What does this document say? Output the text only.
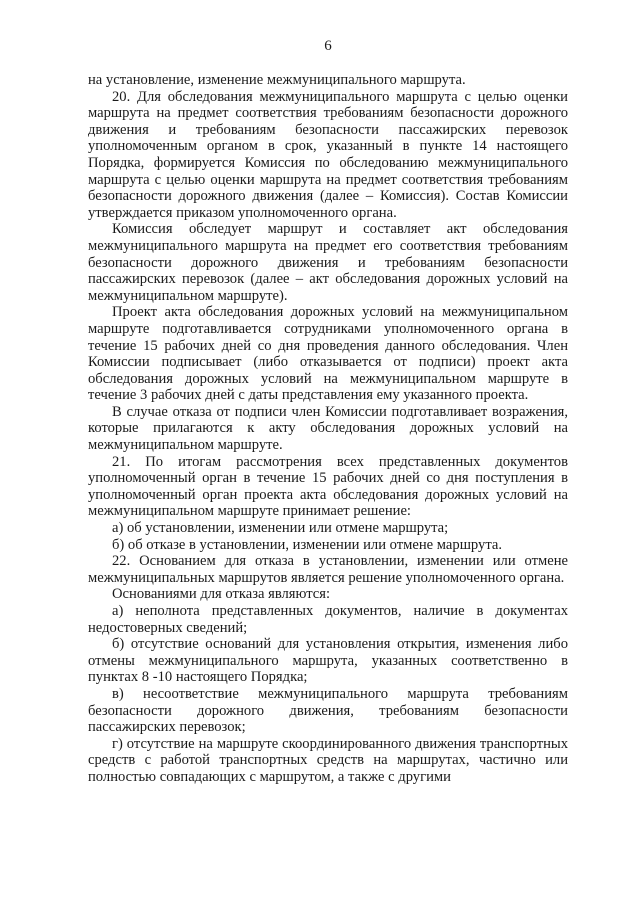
6

на установление, изменение межмуниципального маршрута.

20. Для обследования межмуниципального маршрута с целью оценки маршрута на предмет соответствия требованиям безопасности дорожного движения и требованиям безопасности пассажирских перевозок уполномоченным органом в срок, указанный в пункте 14 настоящего Порядка, формируется Комиссия по обследованию межмуниципального маршрута с целью оценки маршрута на предмет соответствия требованиям безопасности дорожного движения (далее – Комиссия). Состав Комиссии утверждается приказом уполномоченного органа.

Комиссия обследует маршрут и составляет акт обследования межмуниципального маршрута на предмет его соответствия требованиям безопасности дорожного движения и требованиям безопасности пассажирских перевозок (далее – акт обследования дорожных условий на межмуниципальном маршруте).

Проект акта обследования дорожных условий на межмуниципальном маршруте подготавливается сотрудниками уполномоченного органа в течение 15 рабочих дней со дня проведения данного обследования. Член Комиссии подписывает (либо отказывается от подписи) проект акта обследования дорожных условий на межмуниципальном маршруте в течение 3 рабочих дней с даты представления ему указанного проекта.

В случае отказа от подписи член Комиссии подготавливает возражения, которые прилагаются к акту обследования дорожных условий на межмуниципальном маршруте.

21. По итогам рассмотрения всех представленных документов уполномоченный орган в течение 15 рабочих дней со дня поступления в уполномоченный орган проекта акта обследования дорожных условий на межмуниципальном маршруте принимает решение:

а) об установлении, изменении или отмене маршрута;

б) об отказе в установлении, изменении или отмене маршрута.

22. Основанием для отказа в установлении, изменении или отмене межмуниципальных маршрутов является решение уполномоченного органа.

Основаниями для отказа являются:

а) неполнота представленных документов, наличие в документах недостоверных сведений;

б) отсутствие оснований для установления открытия, изменения либо отмены межмуниципального маршрута, указанных соответственно в пунктах 8 -10 настоящего Порядка;

в) несоответствие межмуниципального маршрута требованиям безопасности дорожного движения, требованиям безопасности пассажирских перевозок;

г) отсутствие на маршруте скоординированного движения транспортных средств с работой транспортных средств на маршрутах, частично или полностью совпадающих с маршрутом, а также с другими
